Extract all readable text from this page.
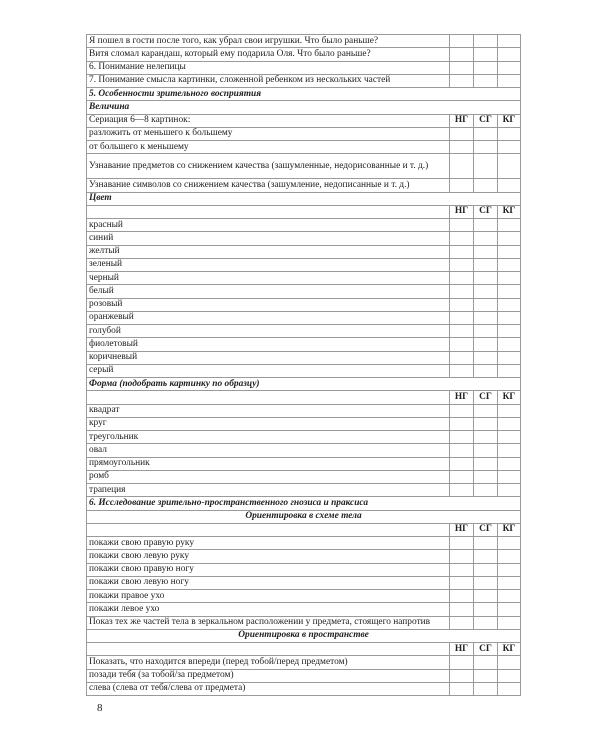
Я пошел в гости после того, как убрал свои игрушки. Что было раньше?			
Витя сломал карандаш, который ему подарила Оля. Что было раньше?			
6. Понимание нелепицы			
7. Понимание смысла картинки, сложенной ребенком из нескольких частей			
5. Особенности зрительного восприятия			
Величина			
Сериация 6—8 картинок:	НГ	СГ	КГ
разложить от меньшего к большему			
от большего к меньшему			
Узнавание предметов со снижением качества (зашумленные, недорисованные и т. д.)			
Узнавание символов со снижением качества (зашумление, недописанные и т. д.)			
Цвет			
	НГ	СГ	КГ
красный			
синий			
желтый			
зеленый			
черный			
белый			
розовый			
оранжевый			
голубой			
фиолетовый			
коричневый			
серый			
Форма (подобрать картинку по образцу)			
	НГ	СГ	КГ
квадрат			
круг			
треугольник			
овал			
прямоугольник			
ромб			
трапеция			
6. Исследование зрительно-пространственного гнозиса и праксиса			
Ориентировка в схеме тела			
	НГ	СГ	КГ
покажи свою правую руку			
покажи свою левую руку			
покажи свою правую ногу			
покажи свою левую ногу			
покажи правое ухо			
покажи левое ухо			
Показ тех же частей тела в зеркальном расположении у предмета, стоящего напротив			
Ориентировка в пространстве			
	НГ	СГ	КГ
Показать, что находится впереди (перед тобой/перед предметом)			
позади тебя (за тобой/за предметом)			
слева (слева от тебя/слева от предмета)			
8
